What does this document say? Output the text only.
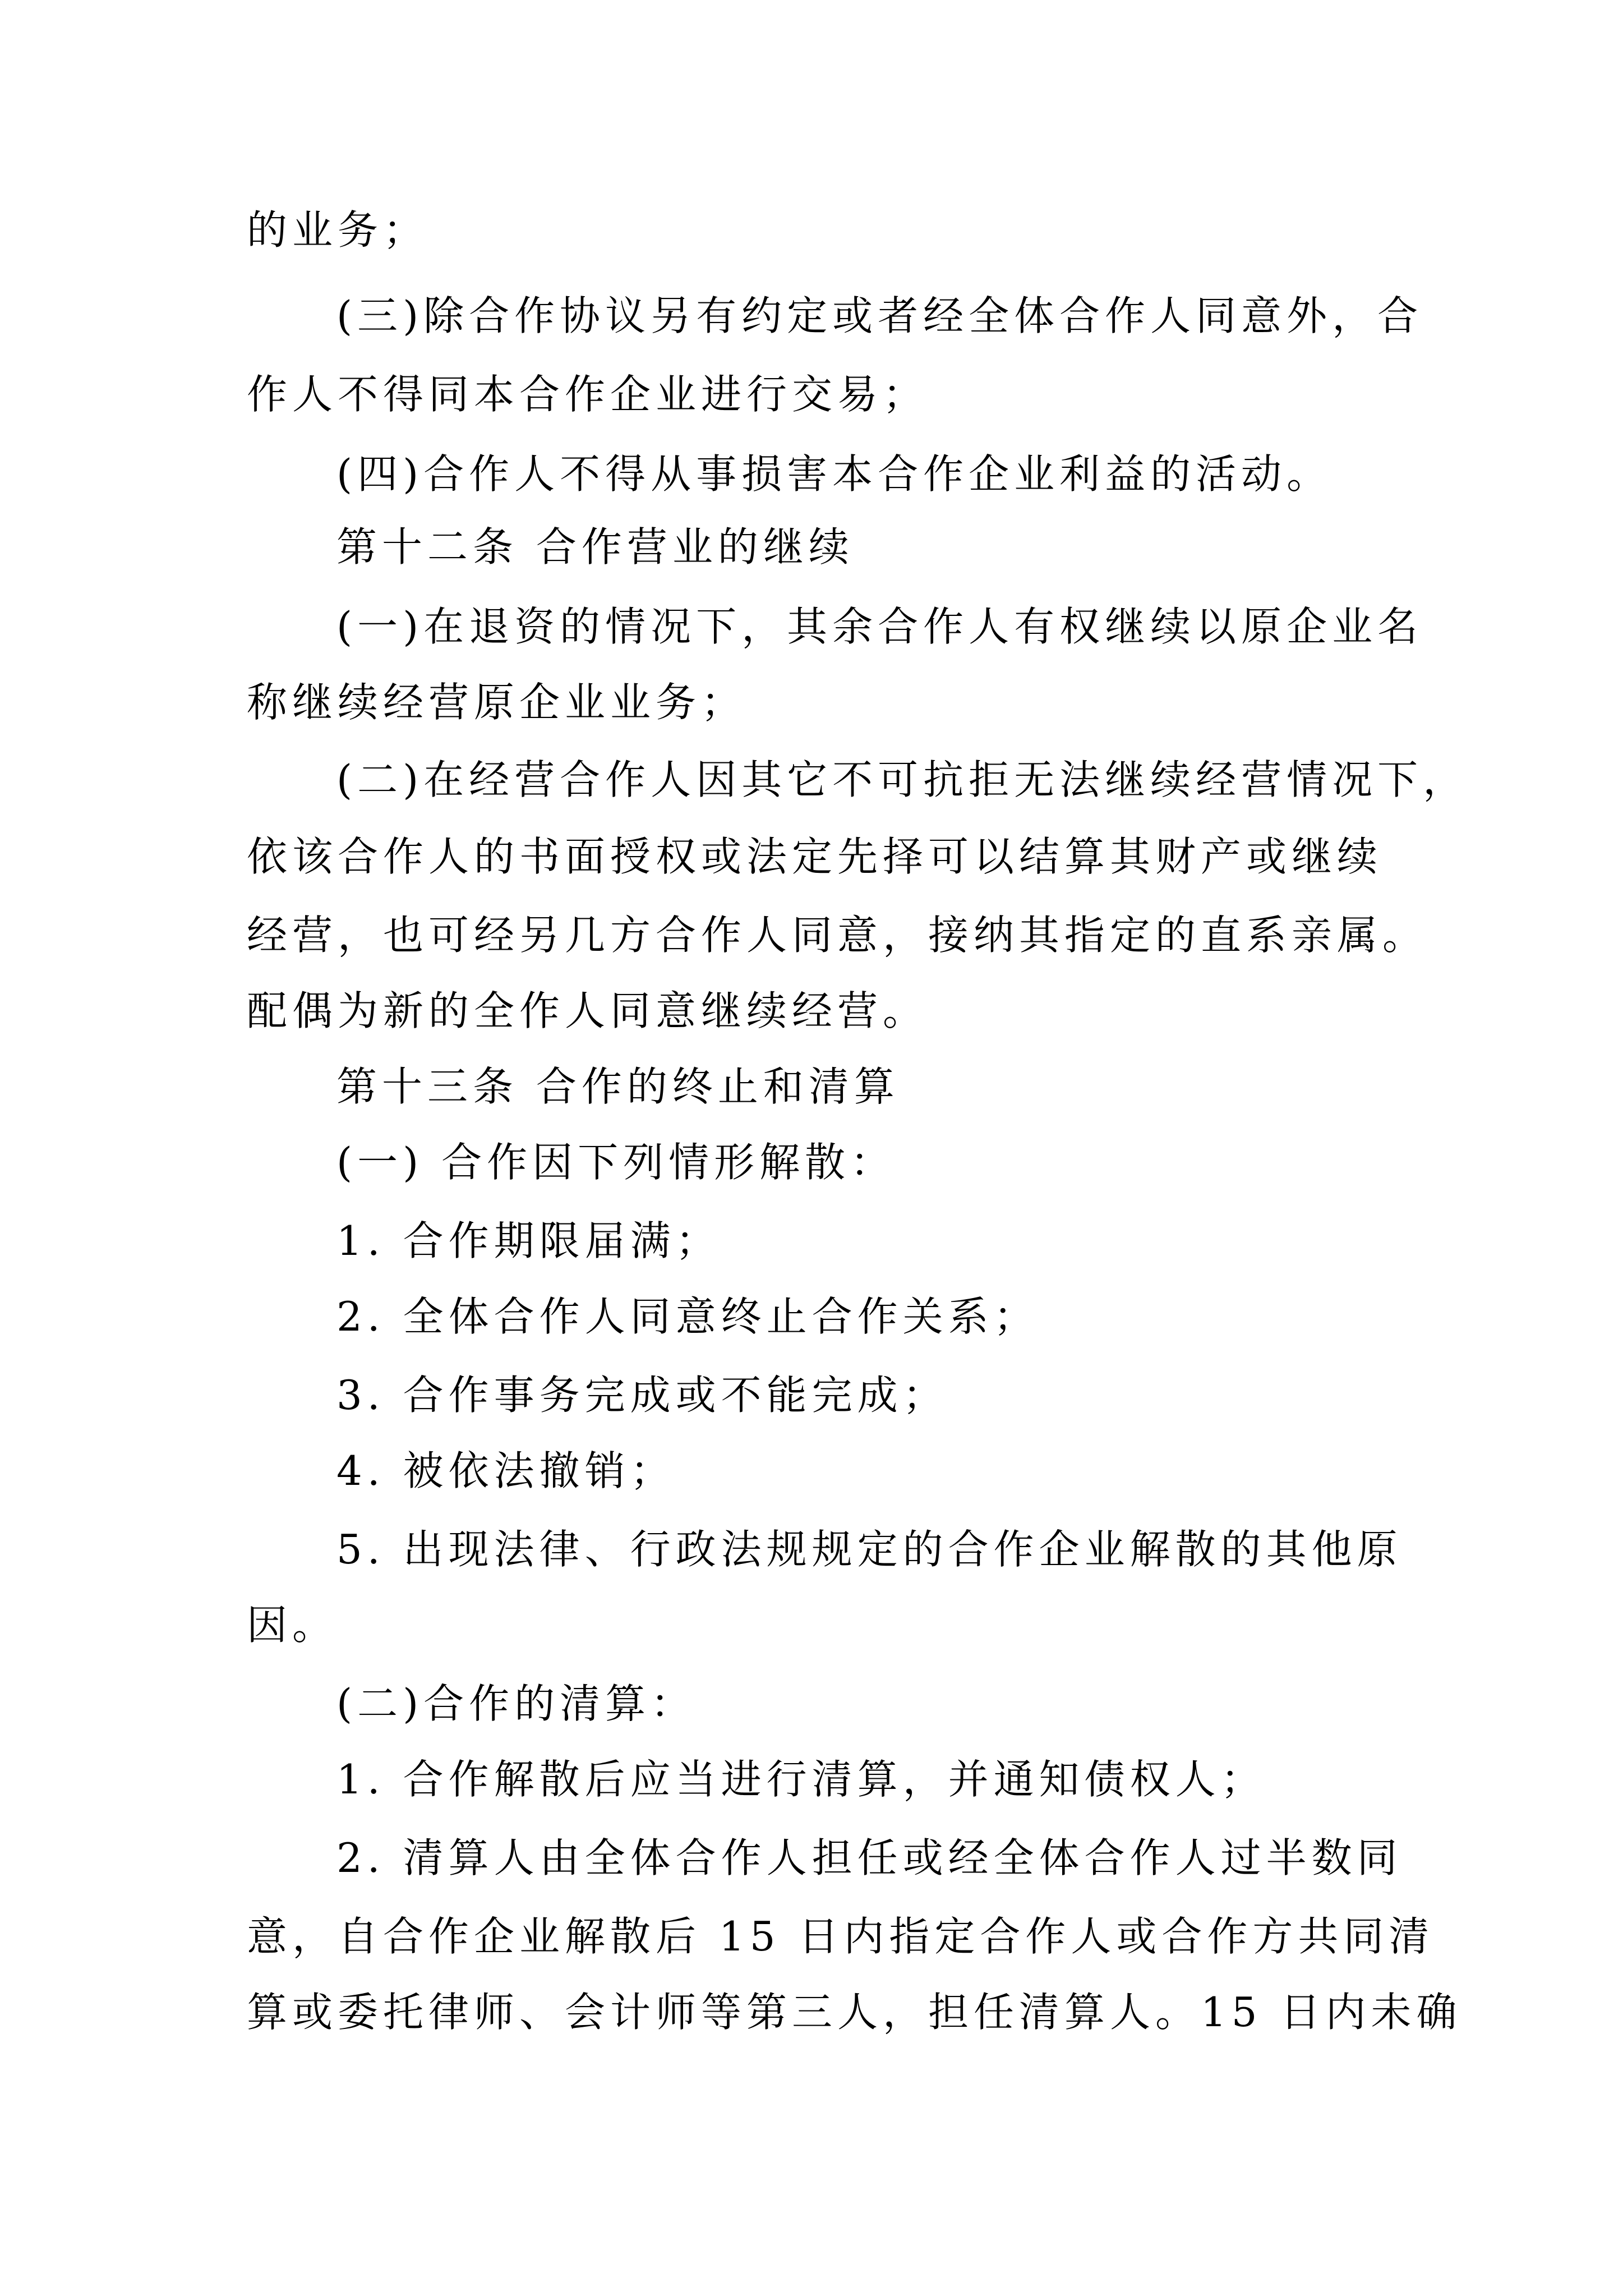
的业务；
(三)除合作协议另有约定或者经全体合作人同意外，合
作人不得同本合作企业进行交易；
(四)合作人不得从事损害本合作企业利益的活动。
第十二条 合作营业的继续
(一)在退资的情况下，其余合作人有权继续以原企业名
称继续经营原企业业务；
(二)在经营合作人因其它不可抗拒无法继续经营情况下，
依该合作人的书面授权或法定先择可以结算其财产或继续
经营，也可经另几方合作人同意，接纳其指定的直系亲属。
配偶为新的全作人同意继续经营。
第十三条 合作的终止和清算
(一) 合作因下列情形解散：
1. 合作期限届满；
2. 全体合作人同意终止合作关系；
3. 合作事务完成或不能完成；
4. 被依法撤销；
5. 出现法律、行政法规规定的合作企业解散的其他原
因。
(二)合作的清算：
1. 合作解散后应当进行清算，并通知债权人；
2. 清算人由全体合作人担任或经全体合作人过半数同
意，自合作企业解散后 15 日内指定合作人或合作方共同清
算或委托律师、会计师等第三人，担任清算人。15 日内未确
